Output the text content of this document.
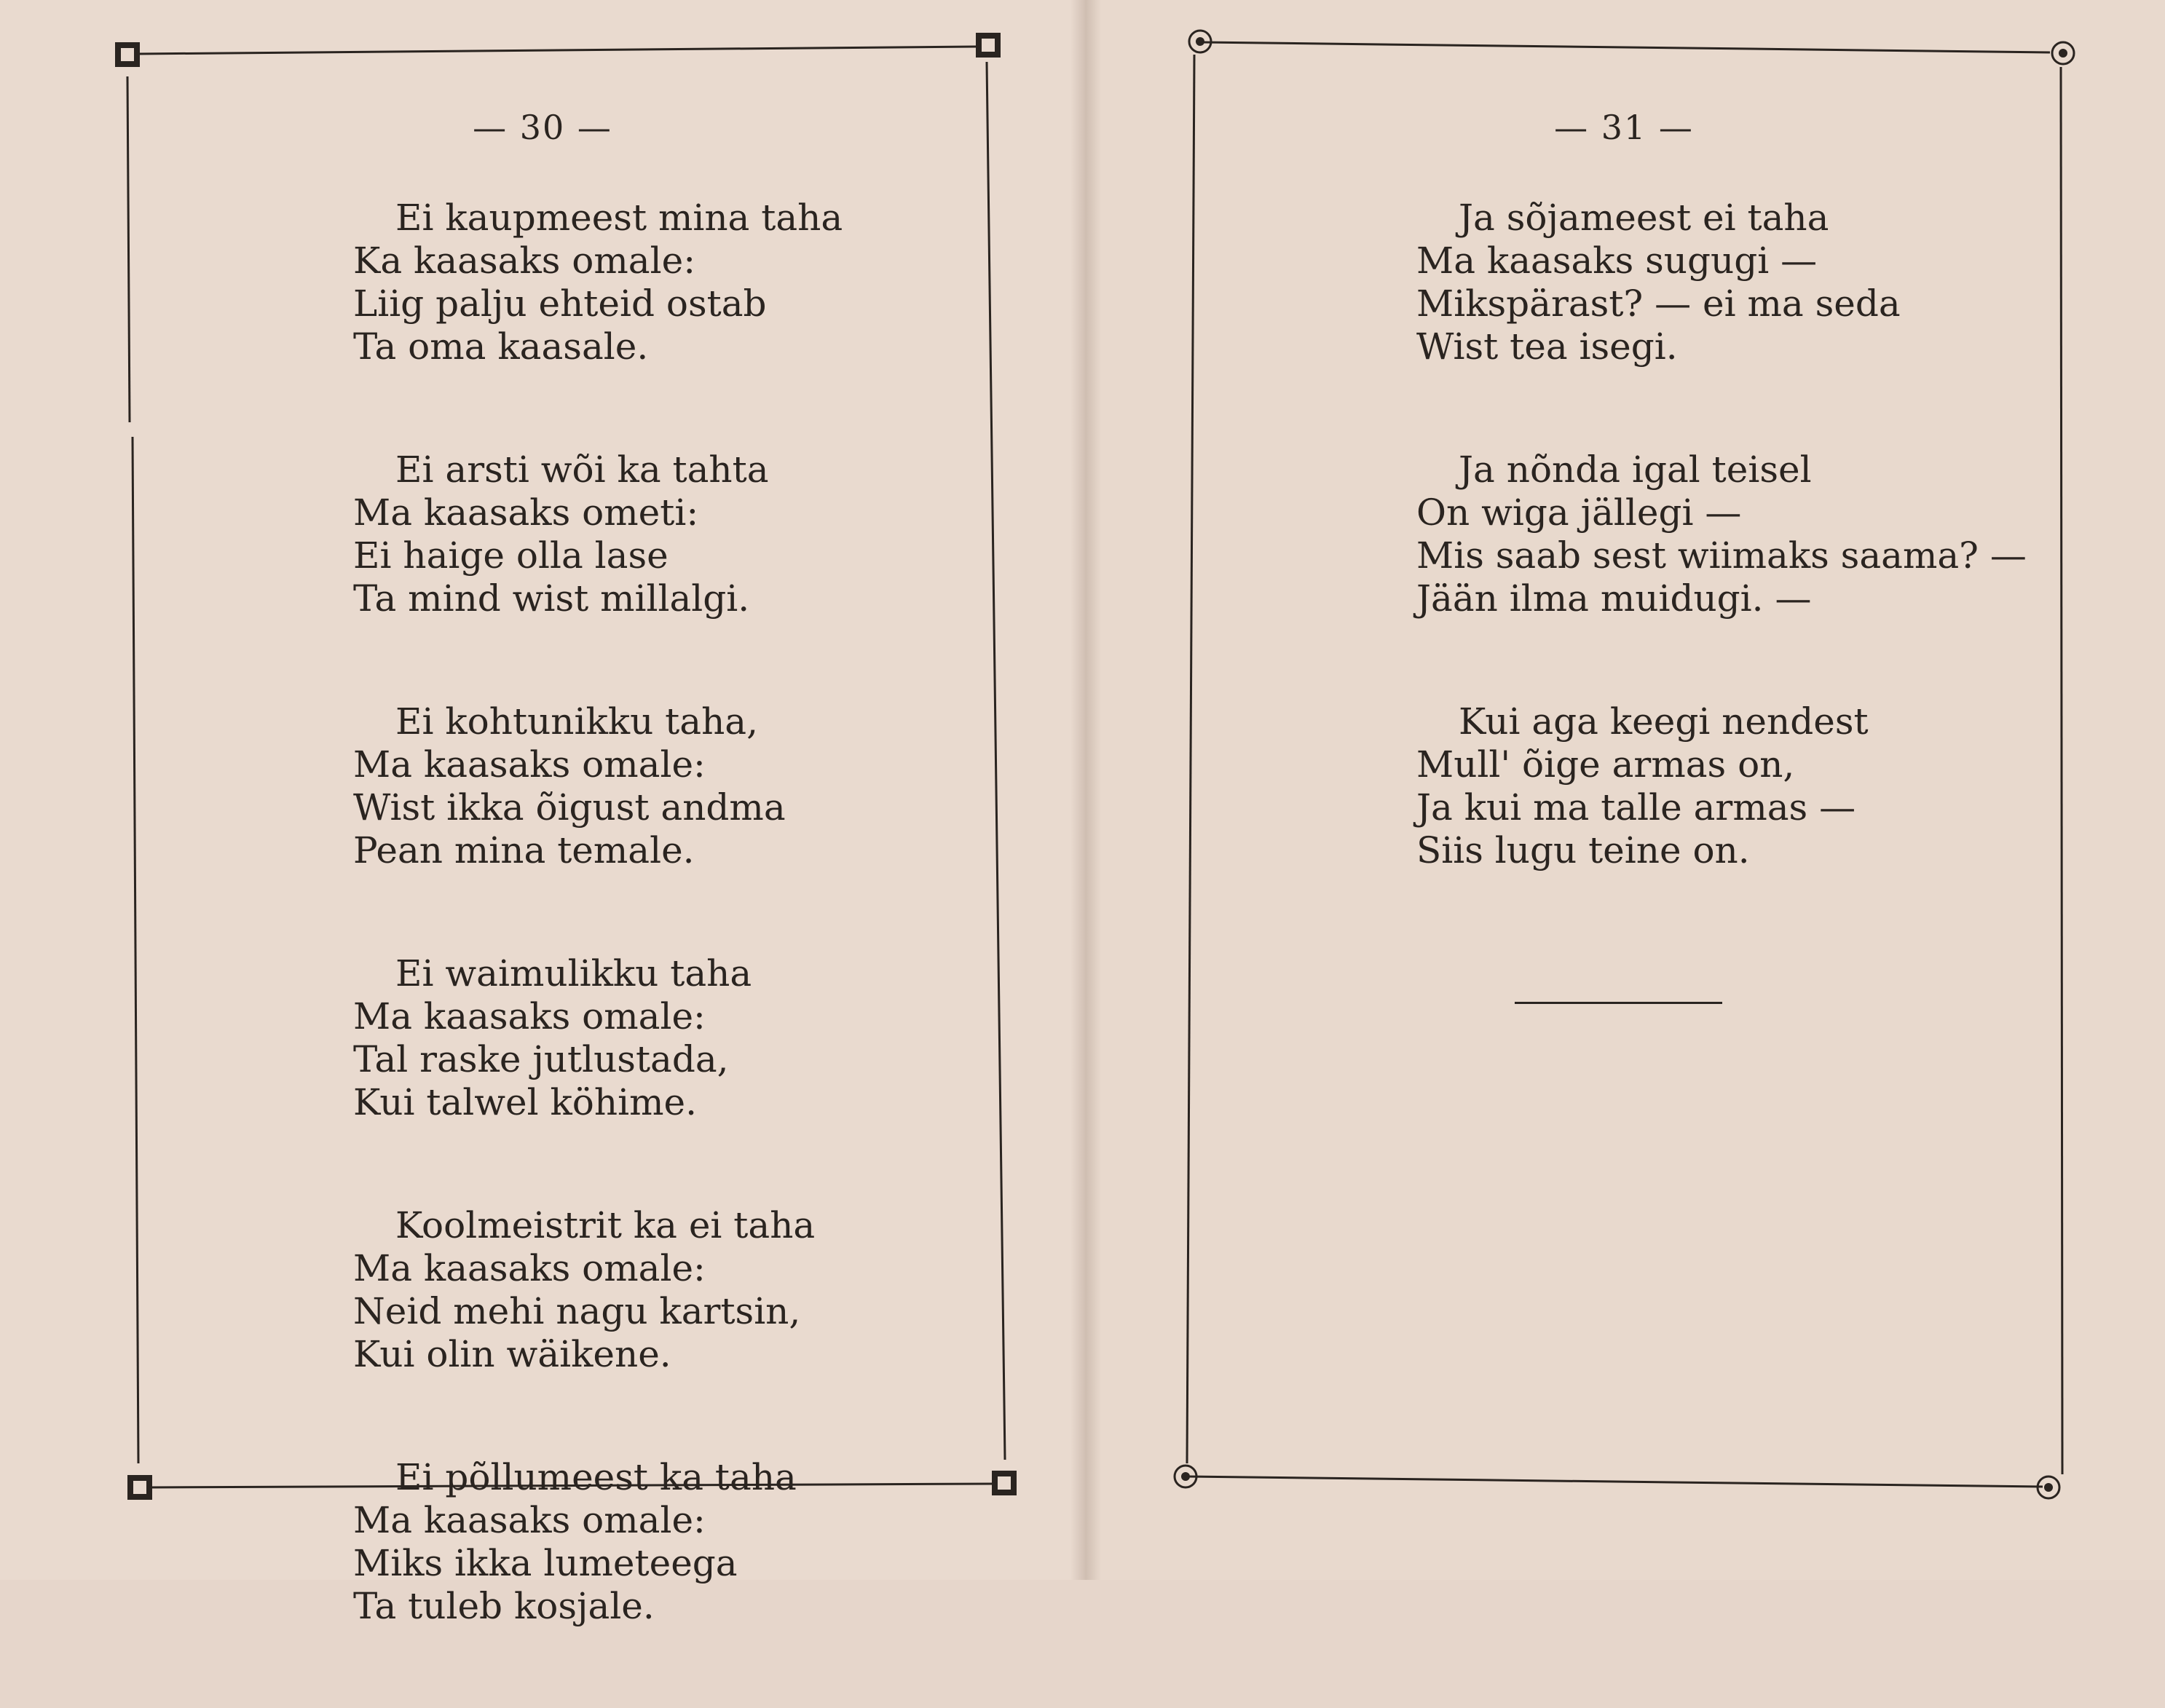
— 30 —
Ei kaupmeest mina taha
Ka kaasaks omale:
Liig palju ehteid ostab
Ta oma kaasale.
Ei arsti wõi ka tahta
Ma kaasaks ometi:
Ei haige olla lase
Ta mind wist millalgi.
Ei kohtunikku taha,
Ma kaasaks omale:
Wist ikka õigust andma
Pean mina temale.
Ei waimulikku taha
Ma kaasaks omale:
Tal raske jutlustada,
Kui talwel köhime.
Koolmeistrit ka ei taha
Ma kaasaks omale:
Neid mehi nagu kartsin,
Kui olin wäikene.
Ei põllumeest ka taha
Ma kaasaks omale:
Miks ikka lumeteega
Ta tuleb kosjale.
— 31 —
Ja sõjameest ei taha
Ma kaasaks sugugi —
Mikspärast? — ei ma seda
Wist tea isegi.
Ja nõnda igal teisel
On wiga jällegi —
Mis saab sest wiimaks saama? —
Jään ilma muidugi. —
Kui aga keegi nendest
Mull' õige armas on,
Ja kui ma talle armas —
Siis lugu teine on.
